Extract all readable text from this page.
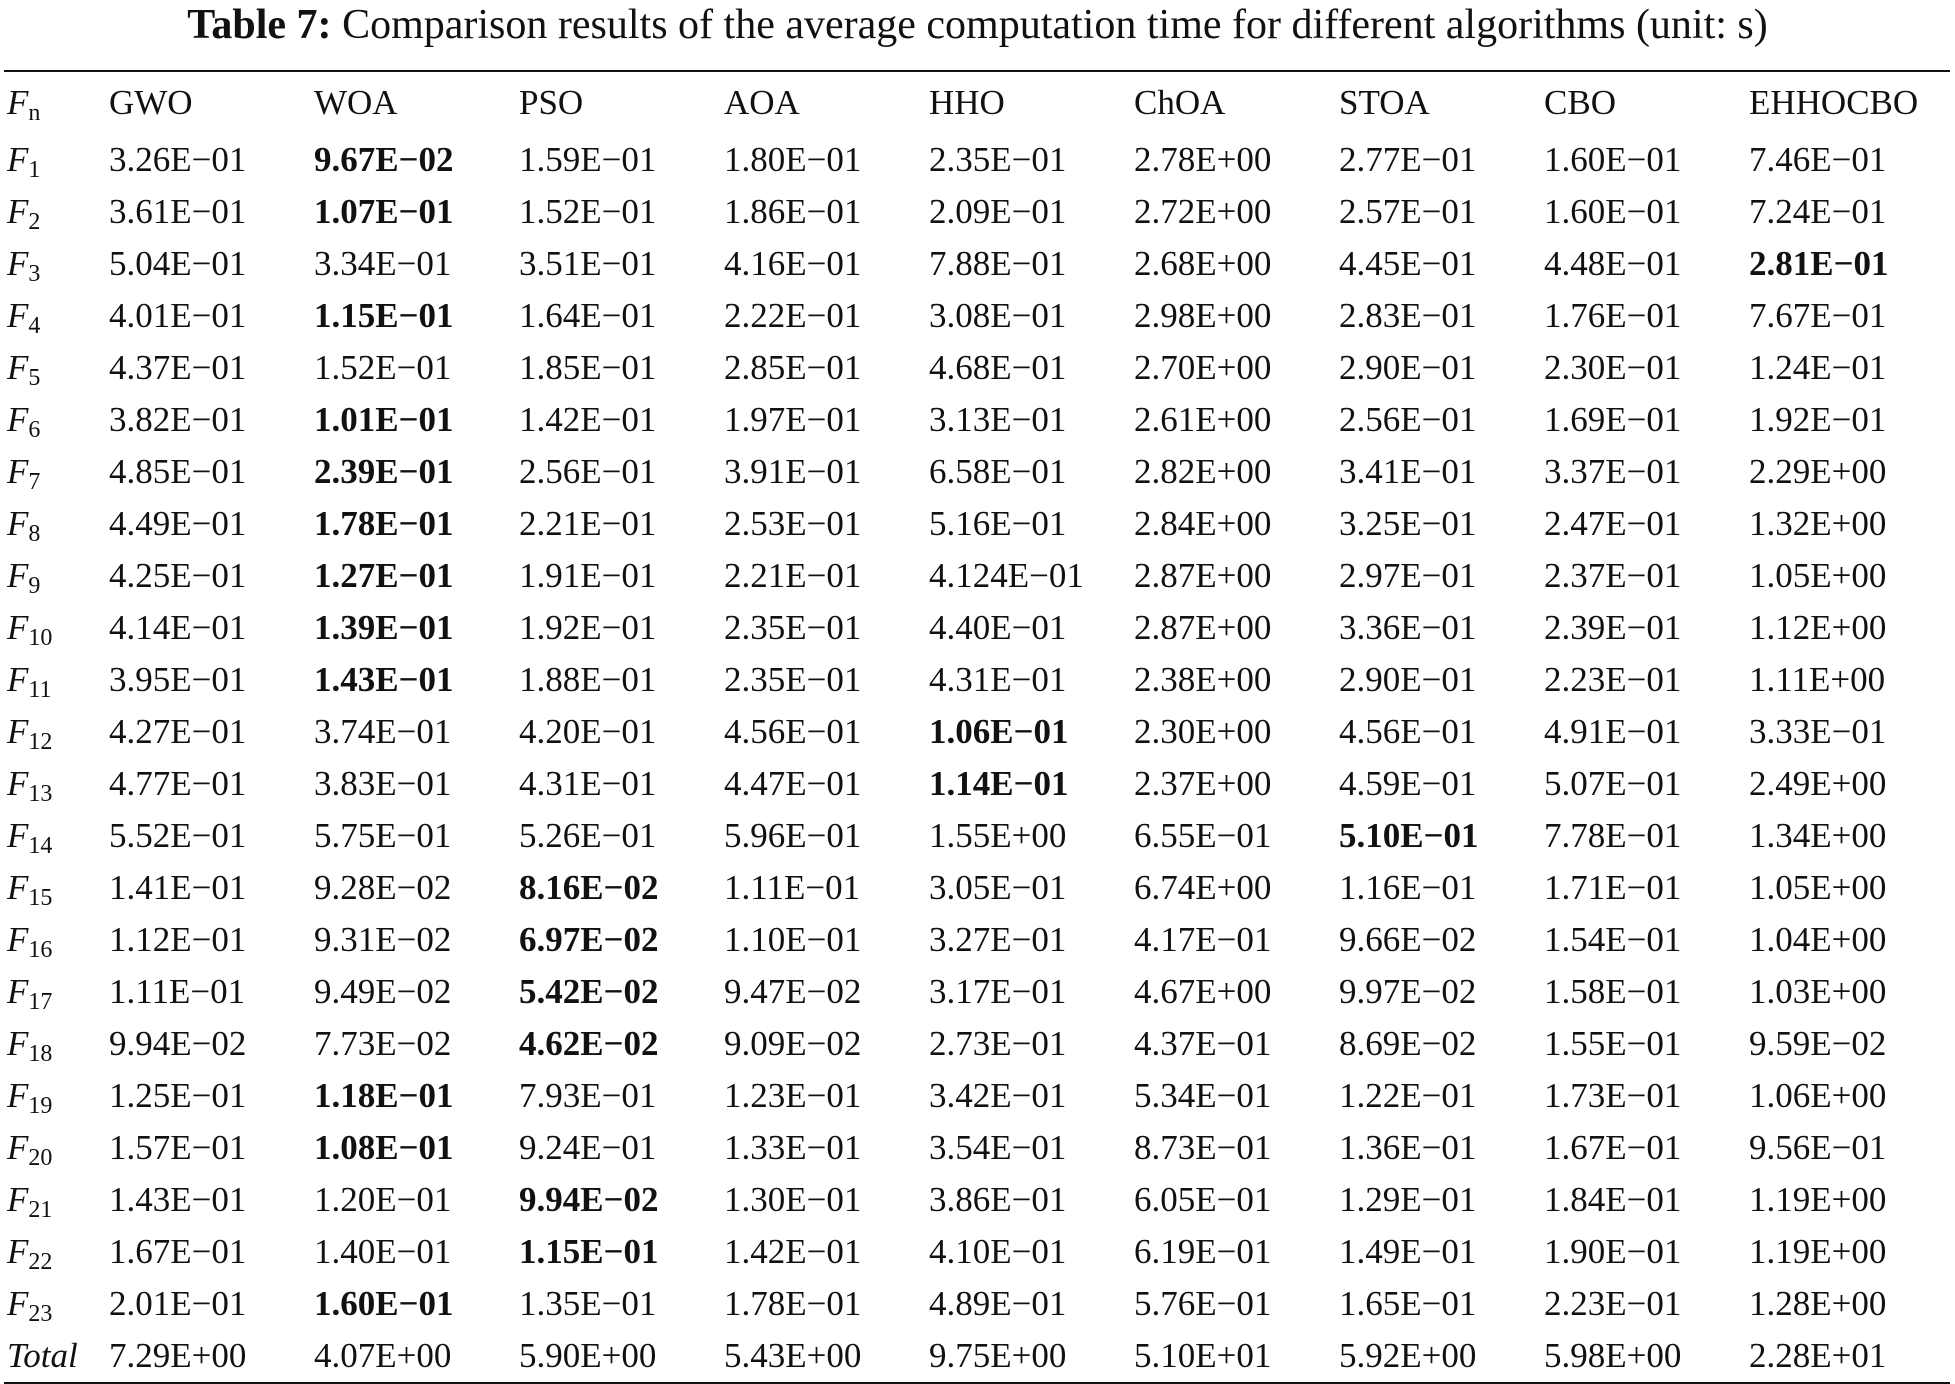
Table 7: Comparison results of the average computation time for different algorithms (unit: s)
$F_n$	GWO	WOA	PSO	AOA	HHO	ChOA	STOA	CBO	EHHOCBO
$F_1$	3.26E−01	9.67E−02	1.59E−01	1.80E−01	2.35E−01	2.78E+00	2.77E−01	1.60E−01	7.46E−01
$F_2$	3.61E−01	1.07E−01	1.52E−01	1.86E−01	2.09E−01	2.72E+00	2.57E−01	1.60E−01	7.24E−01
$F_3$	5.04E−01	3.34E−01	3.51E−01	4.16E−01	7.88E−01	2.68E+00	4.45E−01	4.48E−01	2.81E−01
$F_4$	4.01E−01	1.15E−01	1.64E−01	2.22E−01	3.08E−01	2.98E+00	2.83E−01	1.76E−01	7.67E−01
$F_5$	4.37E−01	1.52E−01	1.85E−01	2.85E−01	4.68E−01	2.70E+00	2.90E−01	2.30E−01	1.24E−01
$F_6$	3.82E−01	1.01E−01	1.42E−01	1.97E−01	3.13E−01	2.61E+00	2.56E−01	1.69E−01	1.92E−01
$F_7$	4.85E−01	2.39E−01	2.56E−01	3.91E−01	6.58E−01	2.82E+00	3.41E−01	3.37E−01	2.29E+00
$F_8$	4.49E−01	1.78E−01	2.21E−01	2.53E−01	5.16E−01	2.84E+00	3.25E−01	2.47E−01	1.32E+00
$F_9$	4.25E−01	1.27E−01	1.91E−01	2.21E−01	4.124E−01	2.87E+00	2.97E−01	2.37E−01	1.05E+00
$F_{10}$	4.14E−01	1.39E−01	1.92E−01	2.35E−01	4.40E−01	2.87E+00	3.36E−01	2.39E−01	1.12E+00
$F_{11}$	3.95E−01	1.43E−01	1.88E−01	2.35E−01	4.31E−01	2.38E+00	2.90E−01	2.23E−01	1.11E+00
$F_{12}$	4.27E−01	3.74E−01	4.20E−01	4.56E−01	1.06E−01	2.30E+00	4.56E−01	4.91E−01	3.33E−01
$F_{13}$	4.77E−01	3.83E−01	4.31E−01	4.47E−01	1.14E−01	2.37E+00	4.59E−01	5.07E−01	2.49E+00
$F_{14}$	5.52E−01	5.75E−01	5.26E−01	5.96E−01	1.55E+00	6.55E−01	5.10E−01	7.78E−01	1.34E+00
$F_{15}$	1.41E−01	9.28E−02	8.16E−02	1.11E−01	3.05E−01	6.74E+00	1.16E−01	1.71E−01	1.05E+00
$F_{16}$	1.12E−01	9.31E−02	6.97E−02	1.10E−01	3.27E−01	4.17E−01	9.66E−02	1.54E−01	1.04E+00
$F_{17}$	1.11E−01	9.49E−02	5.42E−02	9.47E−02	3.17E−01	4.67E+00	9.97E−02	1.58E−01	1.03E+00
$F_{18}$	9.94E−02	7.73E−02	4.62E−02	9.09E−02	2.73E−01	4.37E−01	8.69E−02	1.55E−01	9.59E−02
$F_{19}$	1.25E−01	1.18E−01	7.93E−01	1.23E−01	3.42E−01	5.34E−01	1.22E−01	1.73E−01	1.06E+00
$F_{20}$	1.57E−01	1.08E−01	9.24E−01	1.33E−01	3.54E−01	8.73E−01	1.36E−01	1.67E−01	9.56E−01
$F_{21}$	1.43E−01	1.20E−01	9.94E−02	1.30E−01	3.86E−01	6.05E−01	1.29E−01	1.84E−01	1.19E+00
$F_{22}$	1.67E−01	1.40E−01	1.15E−01	1.42E−01	4.10E−01	6.19E−01	1.49E−01	1.90E−01	1.19E+00
$F_{23}$	2.01E−01	1.60E−01	1.35E−01	1.78E−01	4.89E−01	5.76E−01	1.65E−01	2.23E−01	1.28E+00

Total	7.29E+00	4.07E+00	5.90E+00	5.43E+00	9.75E+00	5.10E+01	5.92E+00	5.98E+00	2.28E+01
